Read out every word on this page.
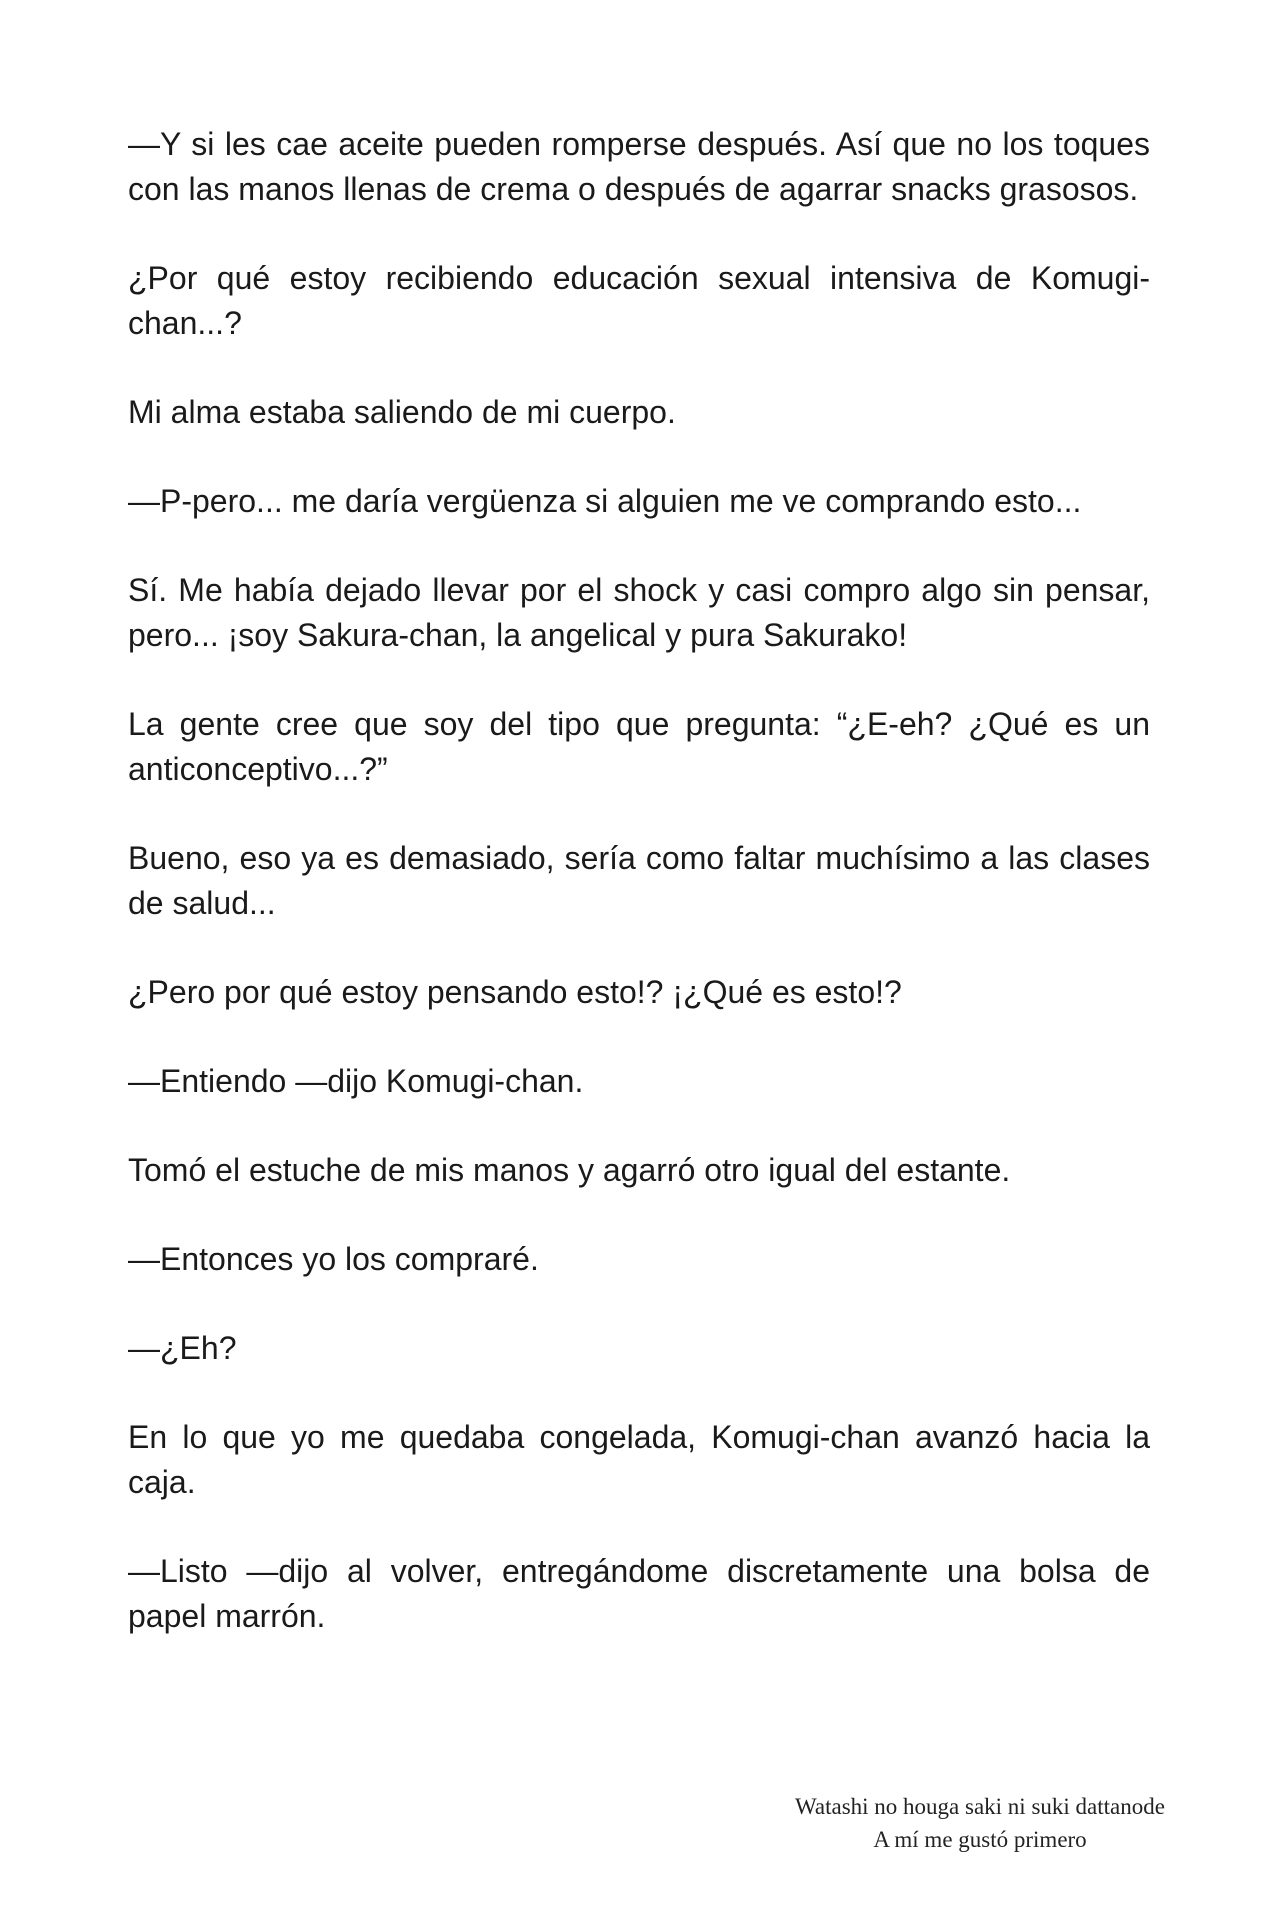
—Y si les cae aceite pueden romperse después. Así que no los toques con las manos llenas de crema o después de agarrar snacks grasosos.

¿Por qué estoy recibiendo educación sexual intensiva de Komugi-chan...?

Mi alma estaba saliendo de mi cuerpo.

—P-pero... me daría vergüenza si alguien me ve comprando esto...

Sí. Me había dejado llevar por el shock y casi compro algo sin pensar, pero... ¡soy Sakura-chan, la angelical y pura Sakurako!

La gente cree que soy del tipo que pregunta: “¿E-eh? ¿Qué es un anticonceptivo...?”

Bueno, eso ya es demasiado, sería como faltar muchísimo a las clases de salud...

¿Pero por qué estoy pensando esto!? ¡¿Qué es esto!?

—Entiendo —dijo Komugi-chan.

Tomó el estuche de mis manos y agarró otro igual del estante.

—Entonces yo los compraré.

—¿Eh?

En lo que yo me quedaba congelada, Komugi-chan avanzó hacia la caja.

—Listo —dijo al volver, entregándome discretamente una bolsa de papel marrón.

Watashi no houga saki ni suki dattanode
A mí me gustó primero
